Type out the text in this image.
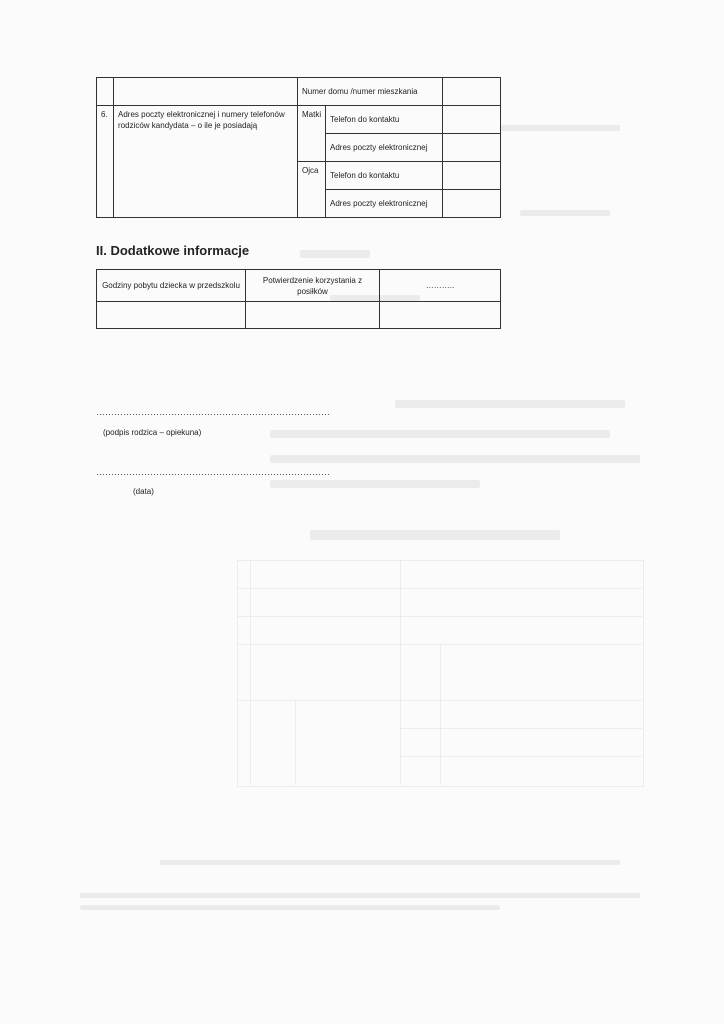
		Numer domu /numer mieszkania		
6.	Adres poczty elektronicznej i numery telefonów rodziców kandydata – o ile je posiadają	Matki	Telefon do kontaktu	
			Adres poczty elektronicznej	
		Ojca	Telefon do kontaktu	
			Adres poczty elektronicznej	
II. Dodatkowe informacje
Godziny pobytu dziecka w przedszkolu	Potwierdzenie korzystania z posiłków	………..

……………………………………………………………………
(podpis rodzica – opiekuna)
……………………………………………………………………
(data)
